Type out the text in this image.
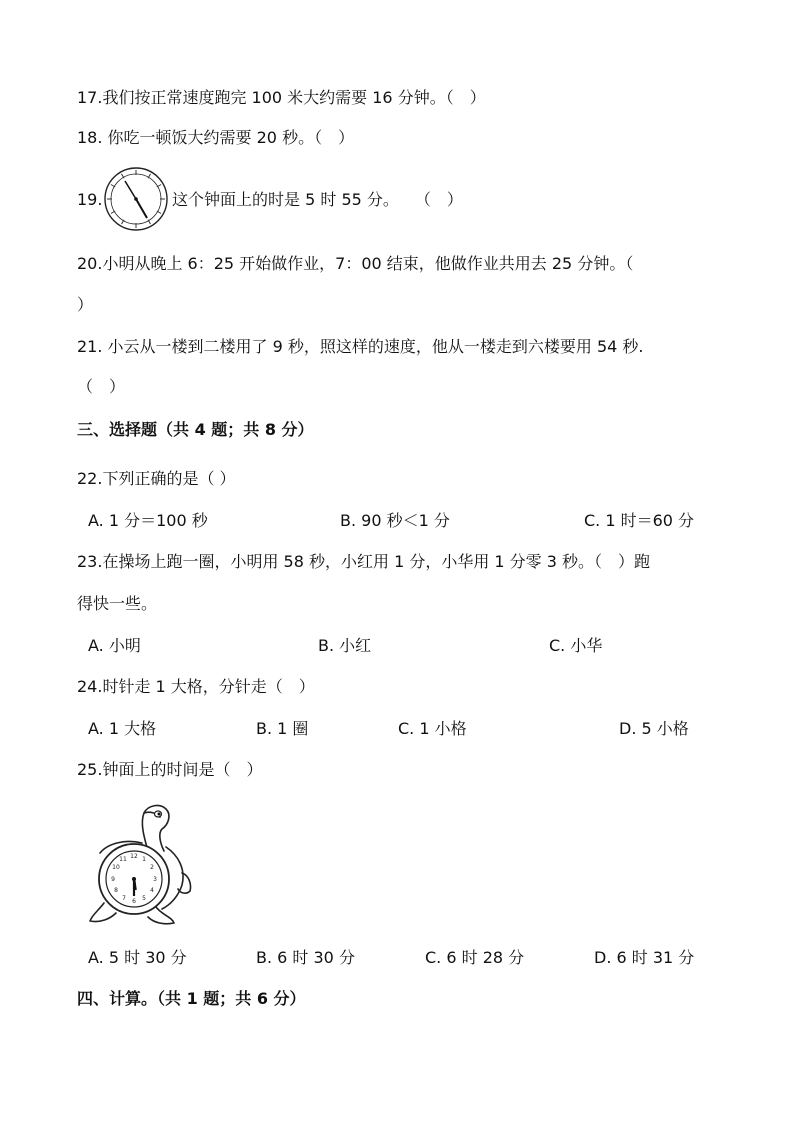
17.我们按正常速度跑完 100 米大约需要 16 分钟。（　）
18. 你吃一顿饭大约需要 20 秒。（　）
19.	这个钟面上的时是 5 时 55 分。　　（　）
20.小明从晚上 6：25 开始做作业，7：00 结束，他做作业共用去 25 分钟。（
）
21. 小云从一楼到二楼用了 9 秒，照这样的速度，他从一楼走到六楼要用 54 秒.
（　）
三、选择题（共 4 题；共 8 分）
22.下列正确的是（ ）
A. 1 分＝100 秒	B. 90 秒＜1 分	C. 1 时＝60 分
23.在操场上跑一圈，小明用 58 秒，小红用 1 分，小华用 1 分零 3 秒。（　）跑
得快一些。
A. 小明	B. 小红	C. 小华
24.时针走 1 大格，分针走（　）
A. 1 大格	B. 1 圈	C. 1 小格	D. 5 小格
25.钟面上的时间是（　）
12 1
2
3
4
5
6
7
8
9
10
11
A. 5 时 30 分	B. 6 时 30 分	C. 6 时 28 分	D. 6 时 31 分
四、计算。（共 1 题；共 6 分）
